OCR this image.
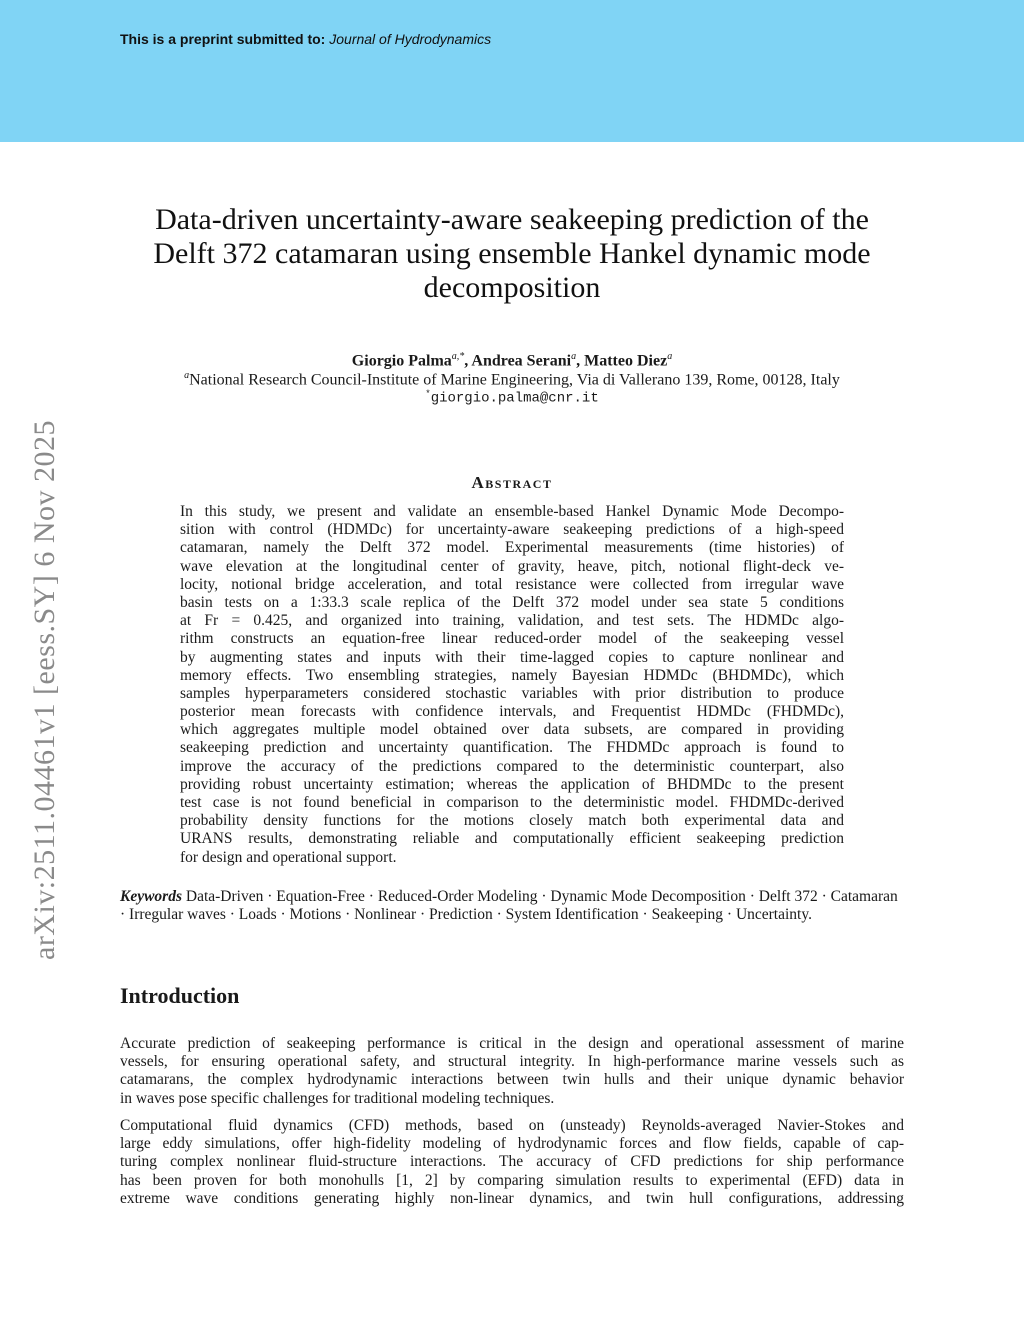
This is a preprint submitted to: Journal of Hydrodynamics
arXiv:2511.04461v1 [eess.SY] 6 Nov 2025
Data-driven uncertainty-aware seakeeping prediction of the
Delft 372 catamaran using ensemble Hankel dynamic mode
decomposition
Giorgio Palma$^{a,*}$, Andrea Serani$^a$, Matteo Diez$^a$
$^a$National Research Council-Institute of Marine Engineering, Via di Vallerano 139, Rome, 00128, Italy
*giorgio.palma@cnr.it
Abstract
In this study, we present and validate an ensemble-based Hankel Dynamic Mode Decompo-
sition with control (HDMDc) for uncertainty-aware seakeeping predictions of a high-speed
catamaran, namely the Delft 372 model. Experimental measurements (time histories) of
wave elevation at the longitudinal center of gravity, heave, pitch, notional flight-deck ve-
locity, notional bridge acceleration, and total resistance were collected from irregular wave
basin tests on a 1:33.3 scale replica of the Delft 372 model under sea state 5 conditions
at Fr = 0.425, and organized into training, validation, and test sets. The HDMDc algo-
rithm constructs an equation-free linear reduced-order model of the seakeeping vessel
by augmenting states and inputs with their time-lagged copies to capture nonlinear and
memory effects. Two ensembling strategies, namely Bayesian HDMDc (BHDMDc), which
samples hyperparameters considered stochastic variables with prior distribution to produce
posterior mean forecasts with confidence intervals, and Frequentist HDMDc (FHDMDc),
which aggregates multiple model obtained over data subsets, are compared in providing
seakeeping prediction and uncertainty quantification. The FHDMDc approach is found to
improve the accuracy of the predictions compared to the deterministic counterpart, also
providing robust uncertainty estimation; whereas the application of BHDMDc to the present
test case is not found beneficial in comparison to the deterministic model. FHDMDc-derived
probability density functions for the motions closely match both experimental data and
URANS results, demonstrating reliable and computationally efficient seakeeping prediction
for design and operational support.
Keywords Data-Driven · Equation-Free · Reduced-Order Modeling · Dynamic Mode Decomposition · Delft 372 · Catamaran · Irregular waves · Loads · Motions · Nonlinear · Prediction · System Identification · Seakeeping · Uncertainty.
Introduction
Accurate prediction of seakeeping performance is critical in the design and operational assessment of marine
vessels, for ensuring operational safety, and structural integrity. In high-performance marine vessels such as
catamarans, the complex hydrodynamic interactions between twin hulls and their unique dynamic behavior
in waves pose specific challenges for traditional modeling techniques.
Computational fluid dynamics (CFD) methods, based on (unsteady) Reynolds-averaged Navier-Stokes and
large eddy simulations, offer high-fidelity modeling of hydrodynamic forces and flow fields, capable of cap-
turing complex nonlinear fluid-structure interactions. The accuracy of CFD predictions for ship performance
has been proven for both monohulls [1, 2] by comparing simulation results to experimental (EFD) data in
extreme wave conditions generating highly non-linear dynamics, and twin hull configurations, addressing
